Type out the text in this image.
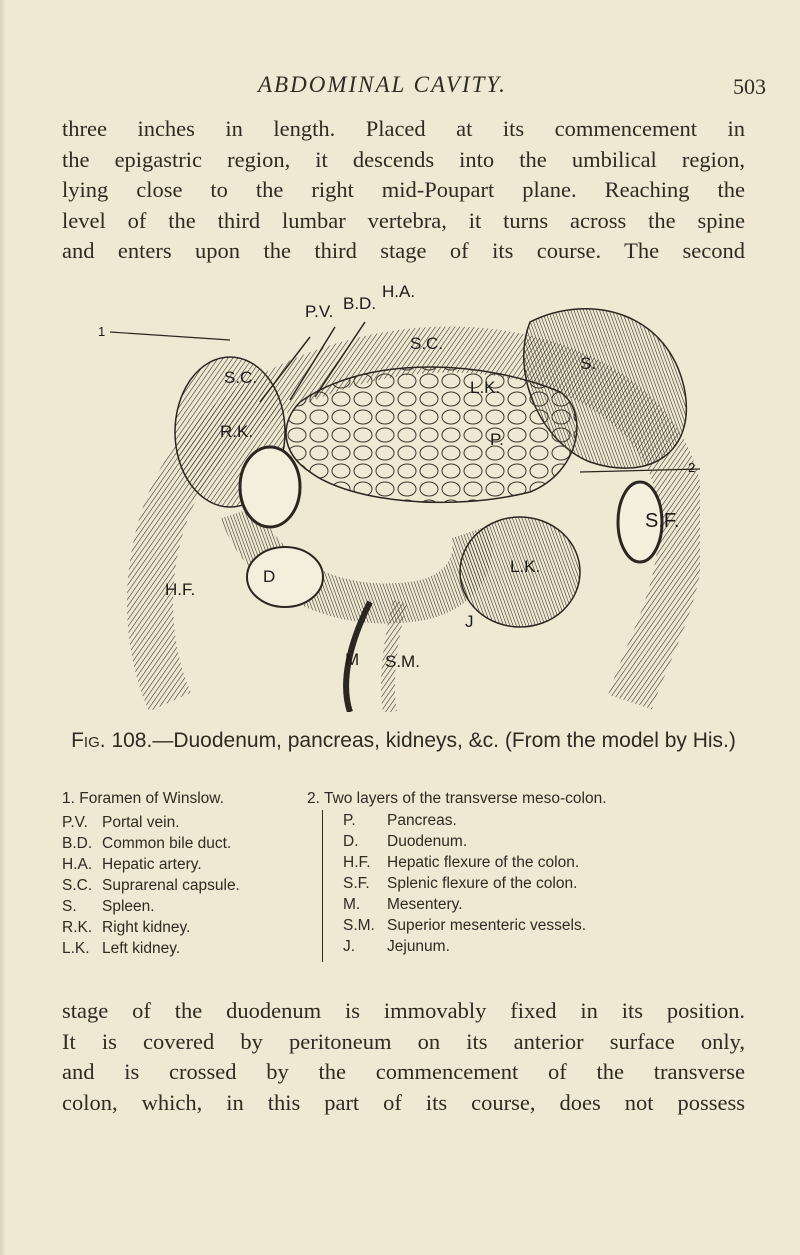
ABDOMINAL CAVITY.	503
three inches in length. Placed at its commencement in
the epigastric region, it descends into the umbilical region,
lying close to the right mid-Poupart plane. Reaching the
level of the third lumbar vertebra, it turns across the spine
and enters upon the third stage of its course. The second
P.V. B.D.
H.A.
S.C.
S.C.
S.
L.K.
R.K.	P.
H.F.
D
L.K.
S.F.
J
M S.M.
1
2
Fig. 108.—Duodenum, pancreas, kidneys, &c. (From the model by His.)
1. Foramen of Winslow.	2. Two layers of the transverse meso-colon.
P.V. Portal vein.
B.D. Common bile duct.
H.A. Hepatic artery.
S.C. Suprarenal capsule.
S. Spleen.
R.K. Right kidney.
L.K. Left kidney.
P. Pancreas.
D. Duodenum.
H.F. Hepatic flexure of the colon.
S.F. Splenic flexure of the colon.
M. Mesentery.
S.M. Superior mesenteric vessels.
J. Jejunum.
stage of the duodenum is immovably fixed in its position.
It is covered by peritoneum on its anterior surface only,
and is crossed by the commencement of the transverse
colon, which, in this part of its course, does not possess
